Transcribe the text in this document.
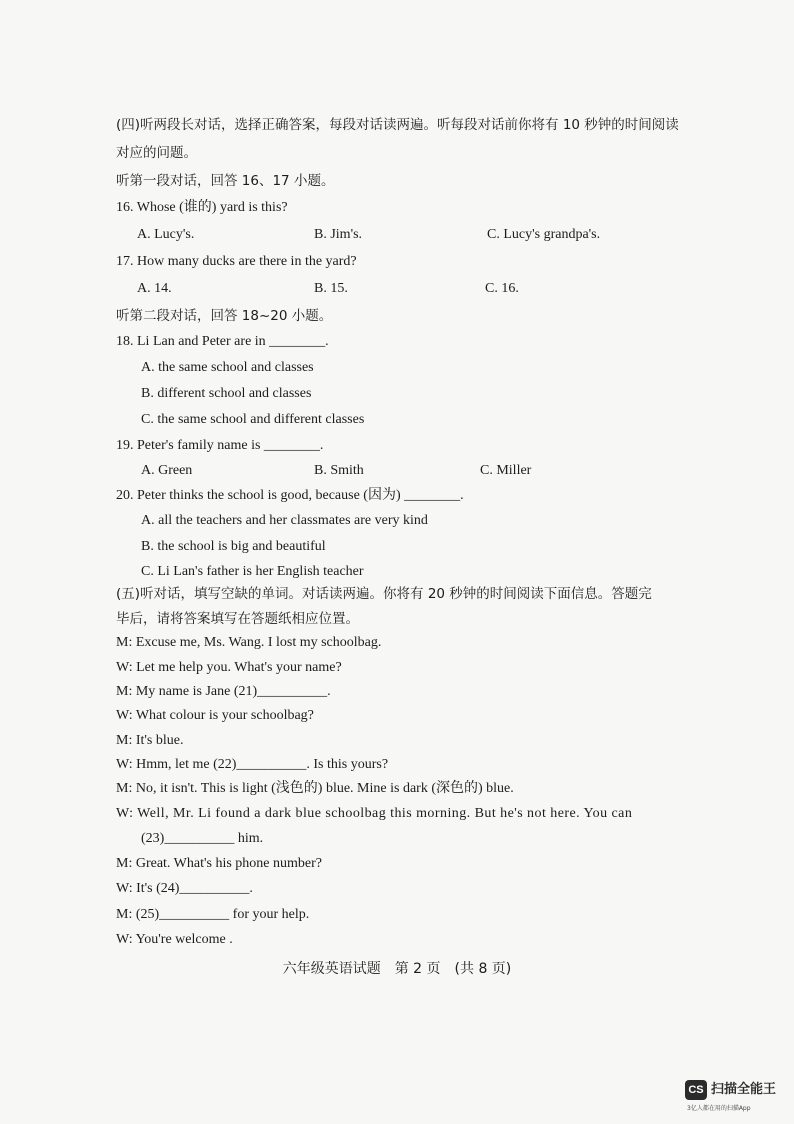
(四)听两段长对话，选择正确答案，每段对话读两遍。听每段对话前你将有 10 秒钟的时间阅读
对应的问题。
听第一段对话，回答 16、17 小题。
16. Whose (谁的) yard is this?
A. Lucy's.	B. Jim's.	C. Lucy's grandpa's.
17. How many ducks are there in the yard?
A. 14.	B. 15.	C. 16.
听第二段对话，回答 18~20 小题。
18. Li Lan and Peter are in ________.
A. the same school and classes
B. different school and classes
C. the same school and different classes
19. Peter's family name is ________.
A. Green	B. Smith	C. Miller
20. Peter thinks the school is good, because (因为) ________.
A. all the teachers and her classmates are very kind
B. the school is big and beautiful
C. Li Lan's father is her English teacher
(五)听对话，填写空缺的单词。对话读两遍。你将有 20 秒钟的时间阅读下面信息。答题完
毕后，请将答案填写在答题纸相应位置。
M: Excuse me, Ms. Wang. I lost my schoolbag.
W: Let me help you. What's your name?
M: My name is Jane (21)__________.
W: What colour is your schoolbag?
M: It's blue.
W: Hmm, let me (22)__________. Is this yours?
M: No, it isn't. This is light (浅色的) blue. Mine is dark (深色的) blue.
W: Well, Mr. Li found a dark blue schoolbag this morning. But he's not here. You can
(23)__________ him.
M: Great. What's his phone number?
W: It's (24)__________.
M: (25)__________ for your help.
W: You're welcome .
六年级英语试题　第 2 页　(共 8 页)
CS 扫描全能王
3亿人都在用的扫描App
